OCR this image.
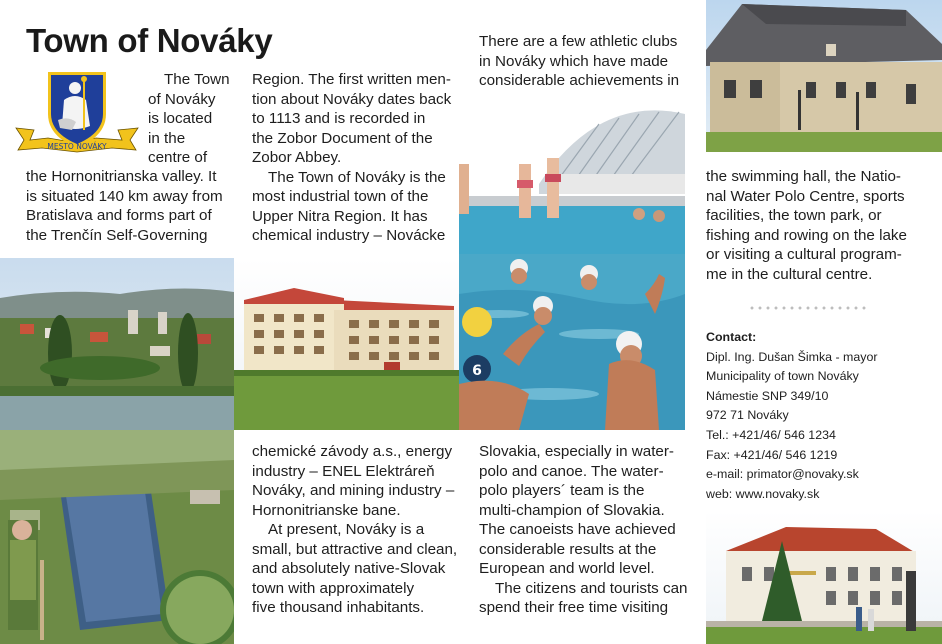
Town of Nováky
MESTO NOVÁKY

The Town

of Nováky

is located

in the

centre of

the Hornonitrianska valley. It

is situated 140 km away from

Bratislava and forms part of

the Trenčín Self-Governing

Region. The first written men-

tion about Nováky dates back

to 1113 and is recorded in

the Zobor Document of the

Zobor Abbey.

The Town of Nováky is the

most industrial town of the

Upper Nitra Region. It has

chemical industry – Novácke

chemické závody a.s., energy

industry – ENEL Elektráreň

Nováky, and mining industry –

Hornonitrianske bane.

At present, Nováky is a

small, but attractive and clean,

and absolutely native-Slovak

town with approximately

five thousand inhabitants.

There are a few athletic clubs

in Nováky which have made

considerable achievements in

Slovakia, especially in water-

polo and canoe. The water-

polo players´ team is the

multi-champion of Slovakia.

The canoeists have achieved

considerable results at the

European and world level.

The citizens and tourists can

spend their free time visiting

the swimming hall, the Natio-

nal Water Polo Centre, sports

facilities, the town park, or

fishing and rowing on the lake

or visiting a cultural program-

me in the cultural centre.

Contact:
Dipl. Ing. Dušan Šimka - mayor
Municipality of town Nováky
Námestie SNP 349/10
972 71 Nováky
Tel.: +421/46/ 546 1234
Fax: +421/46/ 546 1219
e-mail: primator@novaky.sk
web: www.novaky.sk
6
